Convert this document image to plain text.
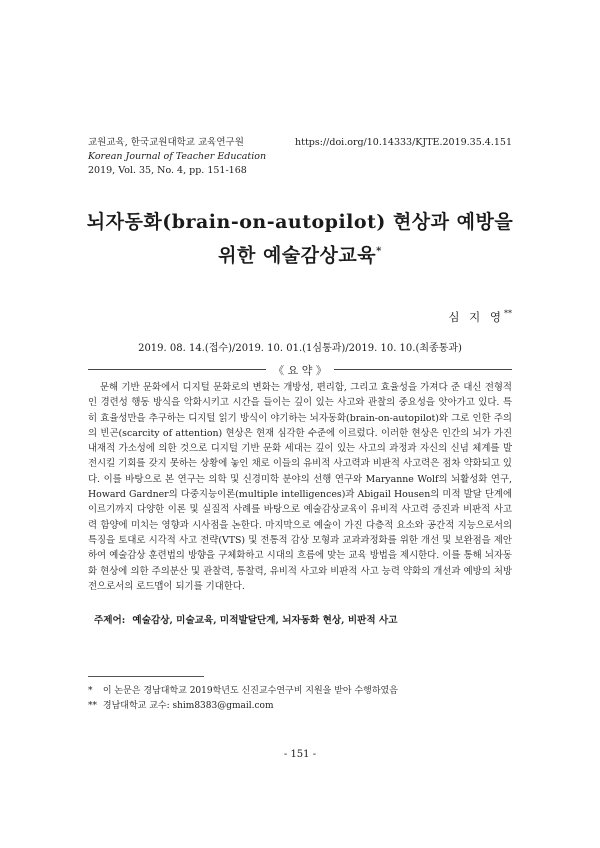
교원교육, 한국교원대학교 교육연구원
Korean Journal of Teacher Education
2019, Vol. 35, No. 4, pp. 151-168
https://doi.org/10.14333/KJTE.2019.35.4.151
뇌자동화(brain-on-autopilot) 현상과 예방을
위한 예술감상교육*
심 지 영**
2019. 08. 14.(접수)/2019. 10. 01.(1심통과)/2019. 10. 10.(최종통과)
《 요 약 》
문해 기반 문화에서 디지털 문화로의 변화는 개방성, 편리함, 그리고 효율성을 가져다 준 대신 전형적인 경련성 행동 방식을 악화시키고 시간을 들이는 깊이 있는 사고와 관찰의 중요성을 앗아가고 있다. 특히 효율성만을 추구하는 디지털 읽기 방식이 야기하는 뇌자동화(brain-on-autopilot)와 그로 인한 주의의 빈곤(scarcity of attention) 현상은 현재 심각한 수준에 이르렀다. 이러한 현상은 인간의 뇌가 가진 내재적 가소성에 의한 것으로 디지털 기반 문화 세대는 깊이 있는 사고의 과정과 자신의 신념 체계를 발전시킬 기회를 갖지 못하는 상황에 놓인 채로 이들의 유비적 사고력과 비판적 사고력은 점차 약화되고 있다. 이를 바탕으로 본 연구는 의학 및 신경미학 분야의 선행 연구와 Maryanne Wolf의 뇌활성화 연구, Howard Gardner의 다중지능이론(multiple intelligences)과 Abigail Housen의 미적 발달 단계에 이르기까지 다양한 이론 및 실질적 사례를 바탕으로 예술감상교육이 유비적 사고력 증진과 비판적 사고력 함양에 미치는 영향과 시사점을 논한다. 마지막으로 예술이 가진 다층적 요소와 공간적 지능으로서의 특징을 토대로 시각적 사고 전략(VTS) 및 전통적 감상 모형과 교과과정화를 위한 개선 및 보완점을 제안하여 예술감상 훈련법의 방향을 구체화하고 시대의 흐름에 맞는 교육 방법을 제시한다. 이를 통해 뇌자동화 현상에 의한 주의분산 및 관찰력, 통찰력, 유비적 사고와 비판적 사고 능력 약화의 개선과 예방의 처방전으로서의 로드맵이 되기를 기대한다.
주제어: 예술감상, 미술교육, 미적발달단계, 뇌자동화 현상, 비판적 사고
* 이 논문은 경남대학교 2019학년도 신진교수연구비 지원을 받아 수행하였음
** 경남대학교 교수: shim8383@gmail.com
- 151 -
